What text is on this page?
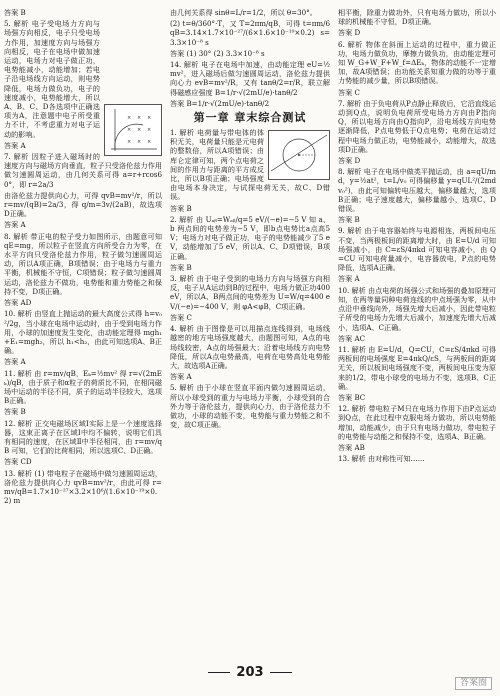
× × ×
× × ×
× × ×

答案 B

5. 解析 电子受电场力方向与场强方向相反，电子只受电场力作用，加速度方向与场强方向相反，电子在电场中做加速运动，电场力对电子做正功，电势能减小，动能增加；若电子沿电场线方向运动，则电势降低，电场力做负功，电子的速度减小，电势能增大，所以A、B、C、D各选项中正确选项为A，注意题中电子所受重力不计，不考虑重力对电子运动的影响。

答案 A

7. 解析 因粒子进入磁场时的速度方向与磁场方向垂直，粒子只受洛伦兹力作用做匀速圆周运动，由几何关系可得 a=r+rcos60°，即 r=2a/3

由洛伦兹力提供向心力，可得 qvB=mv²/r，所以 r=mv/(qB)=2a/3，得 q/m=3v/(2aB)，故选项D正确。

答案 A

8. 解析 带正电的粒子受力如图所示，由题意可知 qE=mg，所以粒子在竖直方向所受合力为零，在水平方向只受洛伦兹力作用，粒子做匀速圆周运动，所以A项正确，B项错误；由于电场力与重力平衡，机械能不守恒，C项错误；粒子做匀速圆周运动，洛伦兹力不做功，电势能和重力势能之和保持不变，D项正确。

答案 AD

10. 解析 由竖直上抛运动的最大高度公式得 h=v₀²/2g，当小球在电场中运动时，由于受到电场力作用，小球的加速度发生变化，由动能定理得 mgh₁+E₁=mgh₂，所以 h₁<h₂，由此可知选项A、B正确。

答案 A

11. 解析 由 r=mv/qB，Eₖ=½mv² 得 r=√(2mEₖ)/qB，由于质子和α粒子的荷质比不同，在相同磁场中运动的半径不同，质子的运动半径较大，选项B正确。

答案 B

12. 解析 正交电磁场区域Ⅰ实际上是一个速度选择器，这束正离子在区域Ⅰ中均不偏转，说明它们具有相同的速度，在区域Ⅱ中半径相同，由 r=mv/qB 可知，它们的比荷相同，所以选项C、D正确。

答案 CD

13. 解析 (1) 带电粒子在磁场中做匀速圆周运动，洛伦兹力提供向心力 qvB=mv²/r，由此可得 r=mv/qB=1.7×10⁻²⁷×3.2×10⁶/(1.6×10⁻¹⁹×0.2) m

由几何关系得 sinθ=L/r=1/2，所以 θ=30°。

(2) t=θ/360°·T，又 T=2πm/qB，可得 t=πm/6qB=3.14×1.7×10⁻²⁷/(6×1.6×10⁻¹⁹×0.2) s=3.3×10⁻⁸ s

答案 (1) 30° (2) 3.3×10⁻⁸ s

14. 解析 电子在电场中加速，由动能定理 eU=½mv²，进入磁场后做匀速圆周运动，洛伦兹力提供向心力 evB=mv²/R，又有 tanθ/2=r/R，联立解得磁感应强度 B=1/r·√(2mU/e)·tanθ/2

答案 B=1/r·√(2mU/e)·tanθ/2

第一章 章末综合测试

1. 解析 电荷量与带电体的体积无关，电荷量只能是元电荷的整数倍，所以A项错误；由库仑定律可知，两个点电荷之间的作用力与距离的平方成反比，所以B项正确；电场强度由电场本身决定，与试探电荷无关，故C、D错误。

答案 B

2. 解析 由 Uₐᵦ=Wₐᵦ/q=5 eV/(−e)=−5 V 知 a、b 两点间的电势差为−5 V，即b点电势比a点高5 V；电场力对电子做正功，电子的电势能减少了5 eV，动能增加了5 eV，所以A、C、D项错误，B项正确。

答案 B

3. 解析 由于电子受到的电场力方向与场强方向相反，电子从A运动到B的过程中，电场力做正功400 eV，所以A、B两点间的电势差为 U=W/q=400 eV/(−e)=−400 V，则 φA<φB，C项正确。

答案 C

4. 解析 由于图像是可以用描点连线得到，电场线越密的地方电场强度越大，由题图可知，A点的电场线较密，A点的场强最大；沿着电场线方向电势降低，所以A点电势最高，电荷在电势高处电势能大，故选项A正确。

答案 A

5. 解析 由于小球在竖直平面内做匀速圆周运动，所以小球受到的重力与电场力平衡，小球受到的合外力等于洛伦兹力，提供向心力，由于洛伦兹力不做功，小球的动能不变，电势能与重力势能之和不变，故C项正确。

相平衡，除重力做功外，只有电场力做功，所以小球的机械能不守恒，D项正确。

答案 D

6. 解析 物体在斜面上运动的过程中，重力做正功，电场力做负功，摩擦力做负功，由动能定理可知 W_G+W_F+W_f=ΔEₖ，物体的动能不一定增加，故A项错误；由功能关系知重力做的功等于重力势能的减少量，所以B项错误。

答案 C

7. 解析 由于负电荷从P点静止释放后，它沿直线运动到Q点，说明负电荷所受电场力方向由P指向Q，所以电场方向由Q指向P，沿电场线方向电势逐渐降低，P点电势低于Q点电势；电荷在运动过程中电场力做正功，电势能减小，动能增大，故选项D正确。

答案 D

8. 解析 电子在电场中做类平抛运动，由 a=qU/md，y=½at²，t=L/v₀ 可得偏移量 y=qUL²/(2mdv₀²)，由此可知偏转电压越大，偏移量越大，选项B正确；电子速度越大，偏移量越小，选项C、D错误。

答案 B

9. 解析 由于电容器始终与电源相连，两板间电压不变，当两极板间的距离增大时，由 E=U/d 可知场强减小，由 C=εS/4πkd 可知电容减小，由 Q=CU 可知电荷量减小，电容器放电，P点的电势降低，选项A正确。

答案 A

10. 解析 由点电荷的场强公式和场强的叠加原理可知，在两等量同种电荷连线的中点场强为零，从中点沿中垂线向外，场强先增大后减小，因此带电粒子所受的电场力先增大后减小，加速度先增大后减小，选项A、C正确。

答案 AC

11. 解析 由 E=U/d，Q=CU，C=εS/4πkd 可得两板间的电场强度 E=4πkQ/εS，与两板间的距离无关，所以板间电场强度不变，两板间电压变为原来的1/2，带电小球受的电场力不变，选项B、C正确。

答案 BC

12. 解析 带电粒子M只在电场力作用下由P点运动到Q点，在此过程中克服电场力做功，所以电势能增加，动能减少，由于只有电场力做功，带电粒子的电势能与动能之和保持不变，选项A、B正确。

答案 AB

13. 解析 由对称性可知……

203
答案圈
